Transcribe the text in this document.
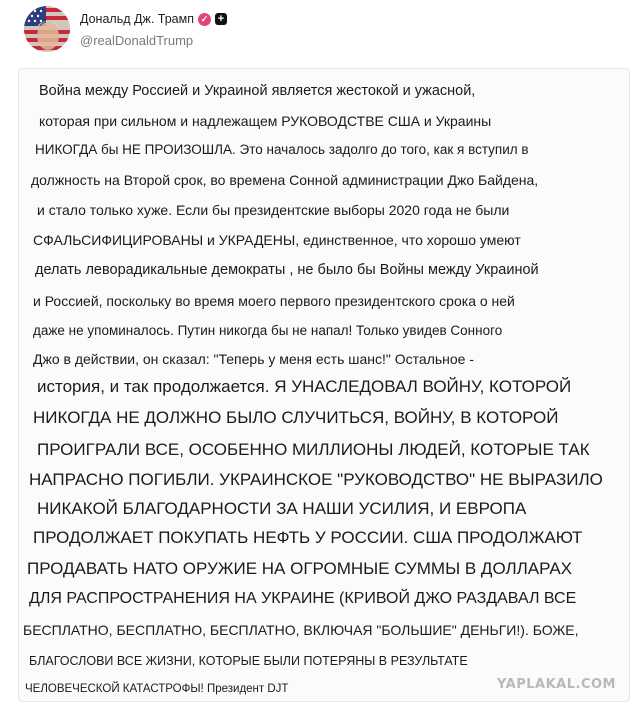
Дональд Дж. Трамп ✓ +
@realDonaldTrump
Война между Россией и Украиной является жестокой и ужасной,
которая при сильном и надлежащем РУКОВОДСТВЕ США и Украины
НИКОГДА бы НЕ ПРОИЗОШЛА. Это началось задолго до того, как я вступил в
должность на Второй срок, во времена Сонной администрации Джо Байдена,
и стало только хуже. Если бы президентские выборы 2020 года не были
СФАЛЬСИФИЦИРОВАНЫ и УКРАДЕНЫ, единственное, что хорошо умеют
делать леворадикальные демократы , не было бы Войны между Украиной
и Россией, поскольку во время моего первого президентского срока о ней
даже не упоминалось. Путин никогда бы не напал! Только увидев Сонного
Джо в действии, он сказал: "Теперь у меня есть шанс!" Остальное -
история, и так продолжается. Я УНАСЛЕДОВАЛ ВОЙНУ, КОТОРОЙ
НИКОГДА НЕ ДОЛЖНО БЫЛО СЛУЧИТЬСЯ, ВОЙНУ, В КОТОРОЙ
ПРОИГРАЛИ ВСЕ, ОСОБЕННО МИЛЛИОНЫ ЛЮДЕЙ, КОТОРЫЕ ТАК
НАПРАСНО ПОГИБЛИ. УКРАИНСКОЕ "РУКОВОДСТВО" НЕ ВЫРАЗИЛО
НИКАКОЙ БЛАГОДАРНОСТИ ЗА НАШИ УСИЛИЯ, И ЕВРОПА
ПРОДОЛЖАЕТ ПОКУПАТЬ НЕФТЬ У РОССИИ. США ПРОДОЛЖАЮТ
ПРОДАВАТЬ НАТО ОРУЖИЕ НА ОГРОМНЫЕ СУММЫ В ДОЛЛАРАХ
ДЛЯ РАСПРОСТРАНЕНИЯ НА УКРАИНЕ (КРИВОЙ ДЖО РАЗДАВАЛ ВСЕ
БЕСПЛАТНО, БЕСПЛАТНО, БЕСПЛАТНО, ВКЛЮЧАЯ "БОЛЬШИЕ" ДЕНЬГИ!). БОЖЕ,
БЛАГОСЛОВИ ВСЕ ЖИЗНИ, КОТОРЫЕ БЫЛИ ПОТЕРЯНЫ В РЕЗУЛЬТАТЕ
ЧЕЛОВЕЧЕСКОЙ КАТАСТРОФЫ! Президент DJT	YAPLAKAL.COM
